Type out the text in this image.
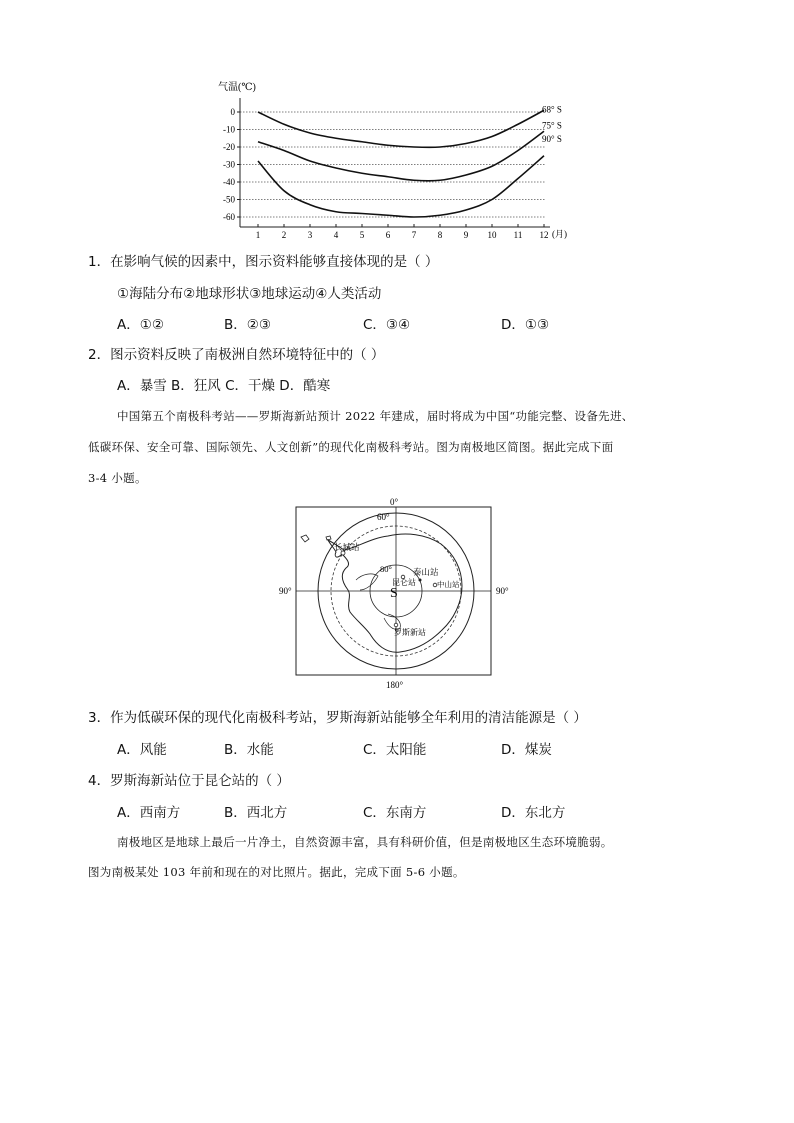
气温(℃)
0
-10
-20
-30
-40
-50
-60
1 2 3 4 5 6 7 8 9 10 11 12
68° S
75° S
90° S
(月)
1．在影响气候的因素中，图示资料能够直接体现的是（ ）
①海陆分布②地球形状③地球运动④人类活动
A．①②	B．②③	C．③④	D．①③
2．图示资料反映了南极洲自然环境特征中的（ ）
A．暴雪 B．狂风 C．干燥 D．酷寒
中国第五个南极科考站——罗斯海新站预计 2022 年建成，届时将成为中国“功能完整、设备先进、
低碳环保、安全可靠、国际领先、人文创新”的现代化南极科考站。图为南极地区简图。据此完成下面
3-4 小题。
0°
180°
90°	90°
60°
80°
S
长城站
昆仑站
泰山站
中山站
罗斯新站
3．作为低碳环保的现代化南极科考站，罗斯海新站能够全年利用的清洁能源是（ ）
A．风能	B．水能	C．太阳能	D．煤炭
4．罗斯海新站位于昆仑站的（ ）
A．西南方	B．西北方	C．东南方	D．东北方
南极地区是地球上最后一片净土，自然资源丰富，具有科研价值，但是南极地区生态环境脆弱。
图为南极某处 103 年前和现在的对比照片。据此，完成下面 5-6 小题。
